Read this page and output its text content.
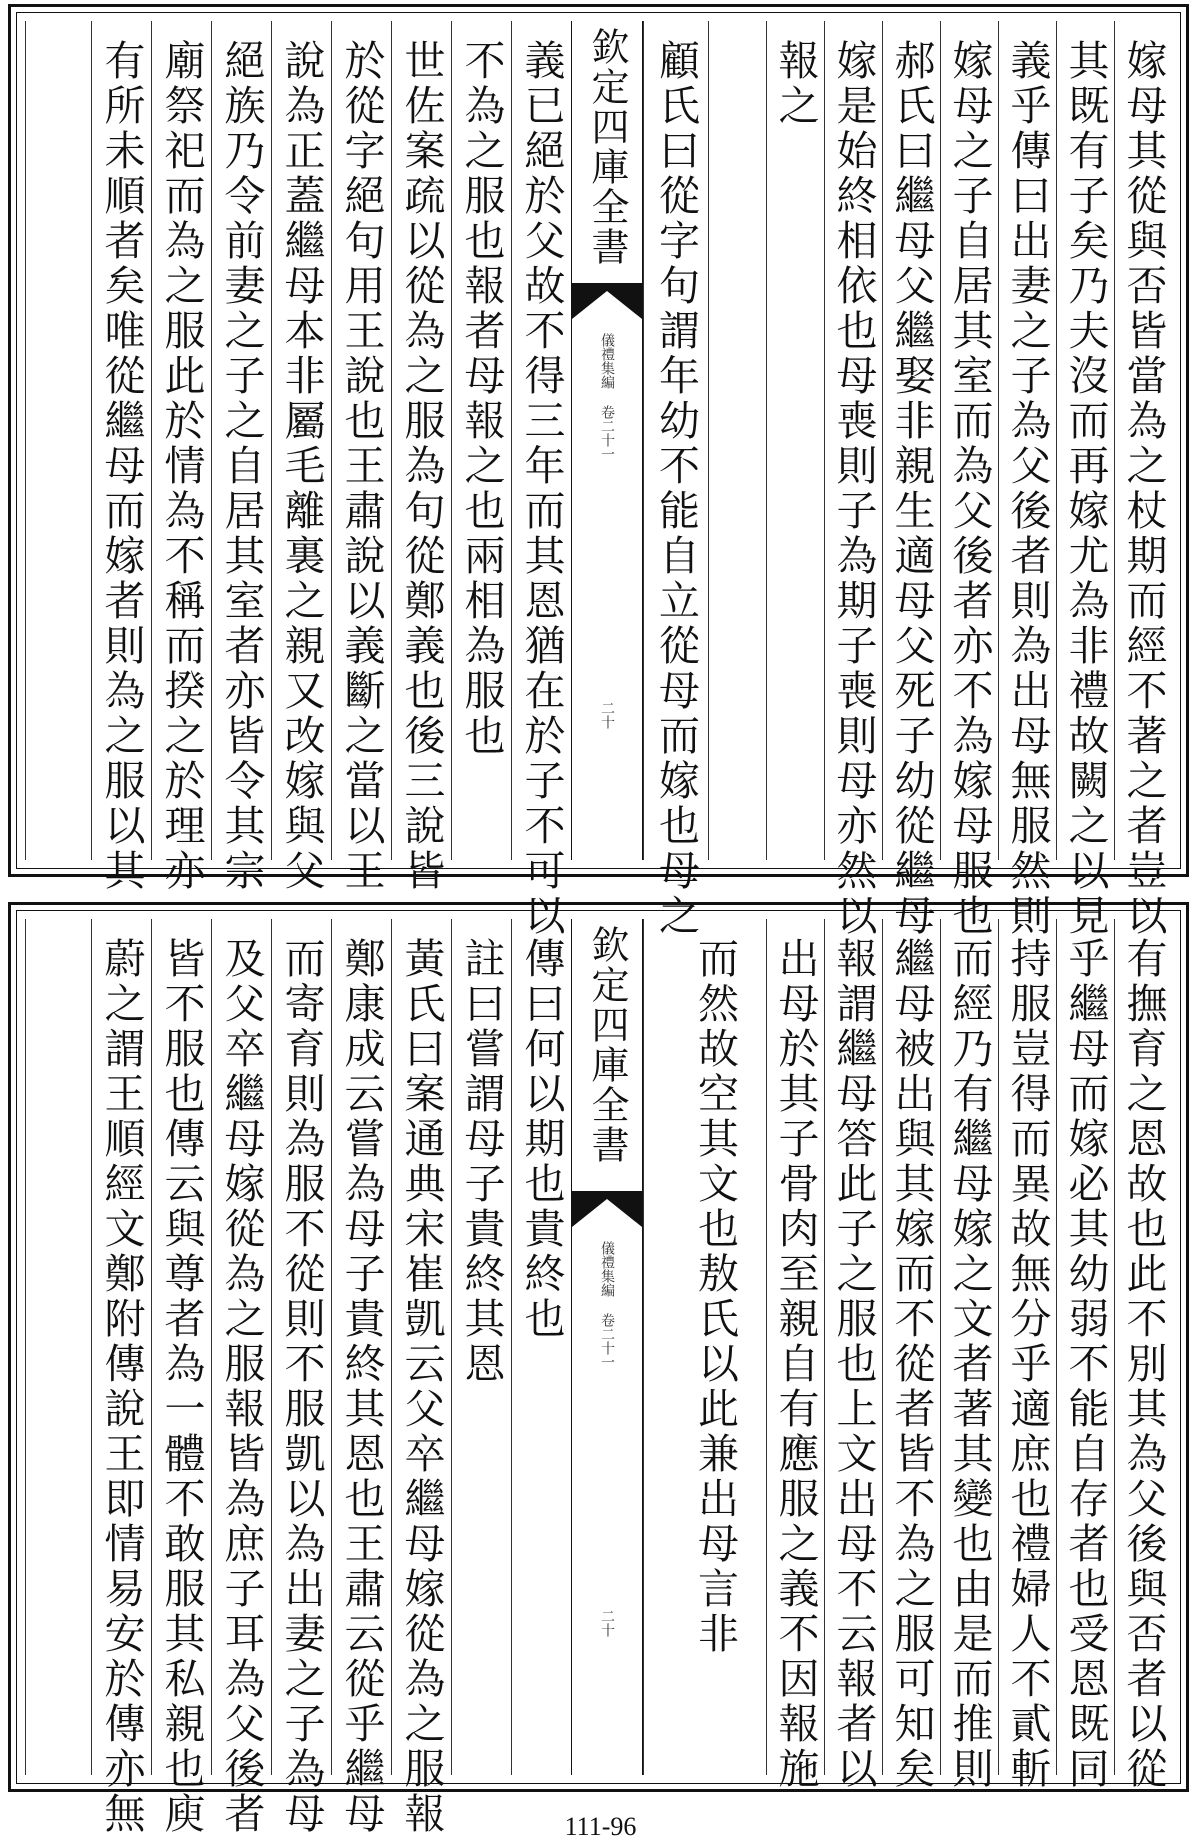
嫁母其從與否皆當為之杖期而經不著之者豈以
其既有子矣乃夫沒而再嫁尤為非禮故闕之以見
義乎傳曰出妻之子為父後者則為出母無服然則
嫁母之子自居其室而為父後者亦不為嫁母服也
郝氏曰繼母父繼娶非親生適母父死子幼從繼母
嫁是始終相依也母喪則子為期子喪則母亦然以
報之
欽定四庫全書
儀禮集編 卷二十一
二十 顧氏曰從字句謂年幼不能自立從母而嫁也母之
義已絕於父故不得三年而其恩猶在於子不可以
不為之服也報者母報之也兩相為服也
世佐案疏以從為之服為句從鄭義也後三說皆
於從字絕句用王說也王肅說以義斷之當以王
說為正蓋繼母本非屬毛離裏之親又改嫁與父
絕族乃令前妻之子之自居其室者亦皆令其宗
廟祭祀而為之服此於情為不稱而揆之於理亦
有所未順者矣唯從繼母而嫁者則為之服以其
有撫育之恩故也此不別其為父後與否者以從
乎繼母而嫁必其幼弱不能自存者也受恩既同
持服豈得而異故無分乎適庶也禮婦人不貳斬
而經乃有繼母嫁之文者著其變也由是而推則
繼母被出與其嫁而不從者皆不為之服可知矣
報謂繼母答此子之服也上文出母不云報者以
出母於其子骨肉至親自有應服之義不因報施
而然故空其文也敖氏以此兼出母言非
欽定四庫全書
儀禮集編 卷二十一
二十
傳曰何以期也貴終也
註曰嘗謂母子貴終其恩
黃氏曰案通典宋崔凱云父卒繼母嫁從為之服報
鄭康成云嘗為母子貴終其恩也王肅云從乎繼母
而寄育則為服不從則不服凱以為出妻之子為母
及父卒繼母嫁從為之服報皆為庶子耳為父後者
皆不服也傳云與尊者為一體不敢服其私親也庾
蔚之謂王順經文鄭附傳說王即情易安於傳亦無	111-96
